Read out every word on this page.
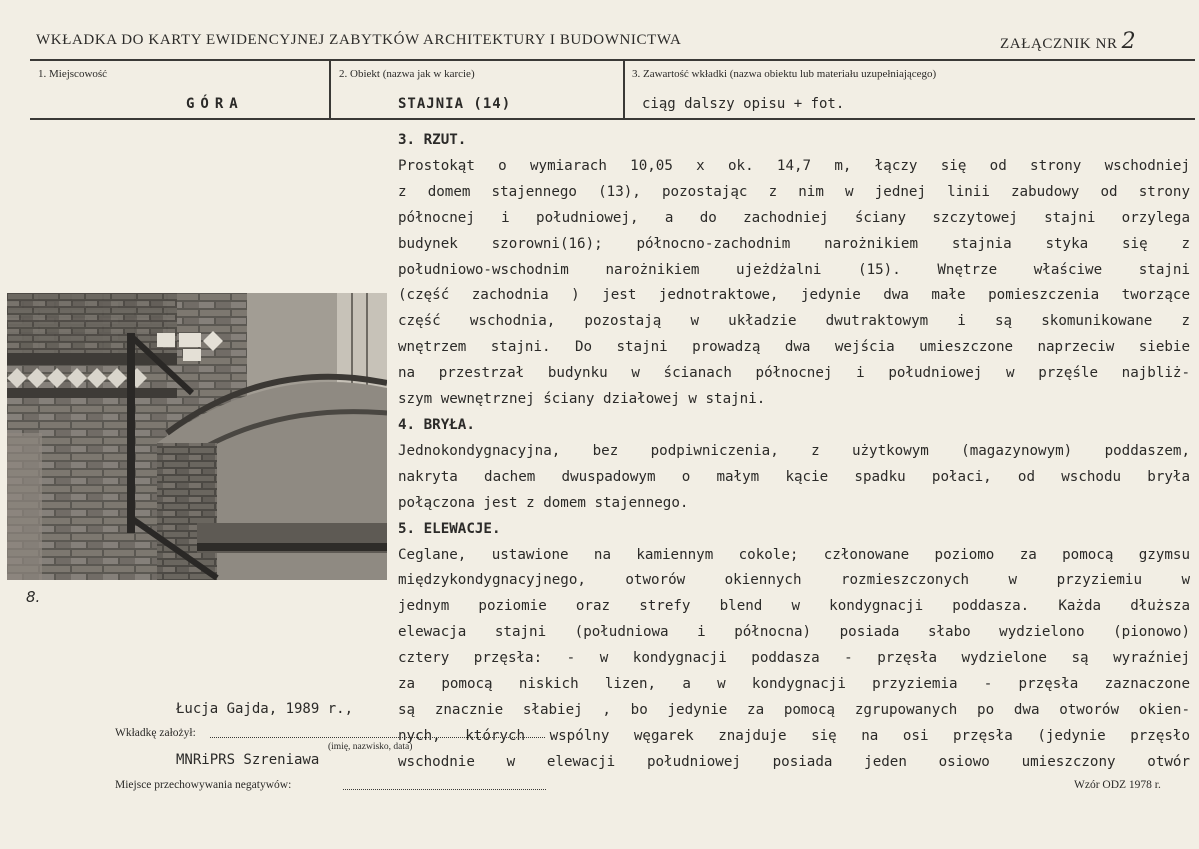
WKŁADKA DO KARTY EWIDENCYJNEJ ZABYTKÓW ARCHITEKTURY I BUDOWNICTWA	ZAŁĄCZNIK NR 2
1. Miejscowość
GÓRA
2. Obiekt (nazwa jak w karcie)
STAJNIA (14)
3. Zawartość wkładki (nazwa obiektu lub materiału uzupełniającego)
ciąg dalszy opisu + fot.
3. RZUT.
Prostokąt o wymiarach 10,05 x ok. 14,7 m, łączy się od strony wschodniej
z domem stajennego (13), pozostając z nim w jednej linii zabudowy od strony
północnej i południowej, a do zachodniej ściany szczytowej stajni orzylega
budynek szorowni(16); północno-zachodnim narożnikiem stajnia styka się z
południowo-wschodnim narożnikiem ujeżdżalni (15). Wnętrze właściwe stajni
(część zachodnia ) jest jednotraktowe, jedynie dwa małe pomieszczenia tworzące
część wschodnia, pozostają w układzie dwutraktowym i są skomunikowane z
wnętrzem stajni. Do stajni prowadzą dwa wejścia umieszczone naprzeciw siebie
na przestrzał budynku w ścianach północnej i południowej w przęśle najbliż-
szym wewnętrznej ściany działowej w stajni.
4. BRYŁA.
Jednokondygnacyjna, bez podpiwniczenia, z użytkowym (magazynowym) poddaszem,
nakryta dachem dwuspadowym o małym kącie spadku połaci, od wschodu bryła
połączona jest z domem stajennego.
5. ELEWACJE.
Ceglane, ustawione na kamiennym cokole; członowane poziomo za pomocą gzymsu
międzykondygnacyjnego, otworów okiennych rozmieszczonych w przyziemiu w
jednym poziomie oraz strefy blend w kondygnacji poddasza. Każda dłuższa
elewacja stajni (południowa i północna) posiada słabo wydzielono (pionowo)
cztery przęsła: - w kondygnacji poddasza - przęsła wydzielone są wyraźniej
za pomocą niskich lizen, a w kondygnacji przyziemia - przęsła zaznaczone
są znacznie słabiej , bo jedynie za pomocą zgrupowanych po dwa otworów okien-
nych, których wspólny węgarek znajduje się na osi przęsła (jedynie przęsło
wschodnie w elewacji południowej posiada jeden osiowo umieszczony otwór
8.
Łucja Gajda, 1989 r.,
Wkładkę założył:
(imię, nazwisko, data)
MNRiPRS Szreniawa
Miejsce przechowywania negatywów:	Wzór ODZ 1978 r.
